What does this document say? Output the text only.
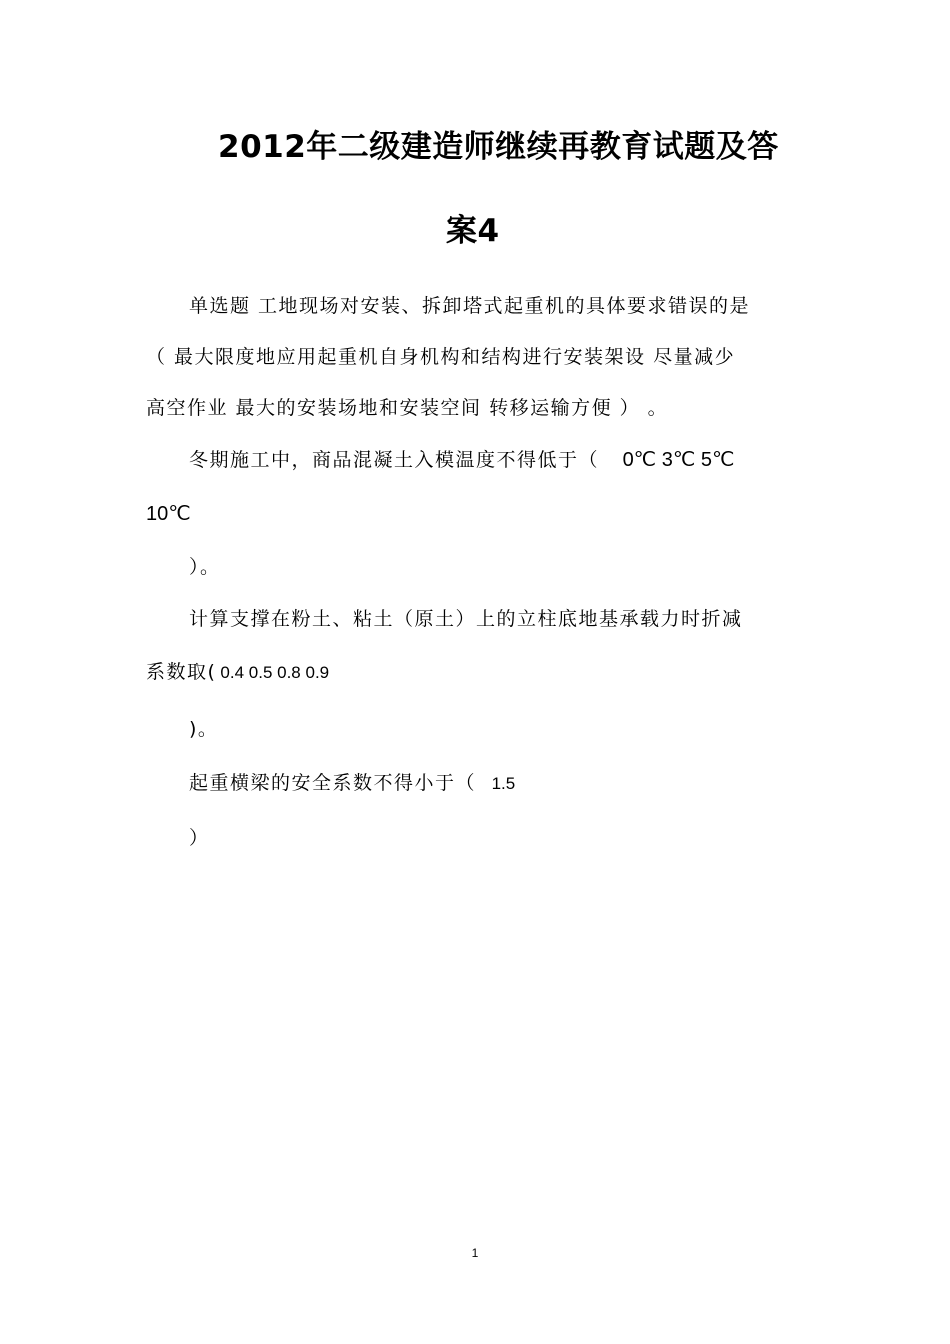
2012年二级建造师继续再教育试题及答
案4
单选题 工地现场对安装、拆卸塔式起重机的具体要求错误的是
（ 最大限度地应用起重机自身机构和结构进行安装架设 尽量减少
高空作业 最大的安装场地和安装空间 转移运输方便 ） 。
冬期施工中，商品混凝土入模温度不得低于（ 0℃ 3℃ 5℃
10℃
）。
计算支撑在粉土、粘土（原土）上的立柱底地基承载力时折减
系数取( 0.4 0.5 0.8 0.9
)。
起重横梁的安全系数不得小于（ 1.5
）
1
